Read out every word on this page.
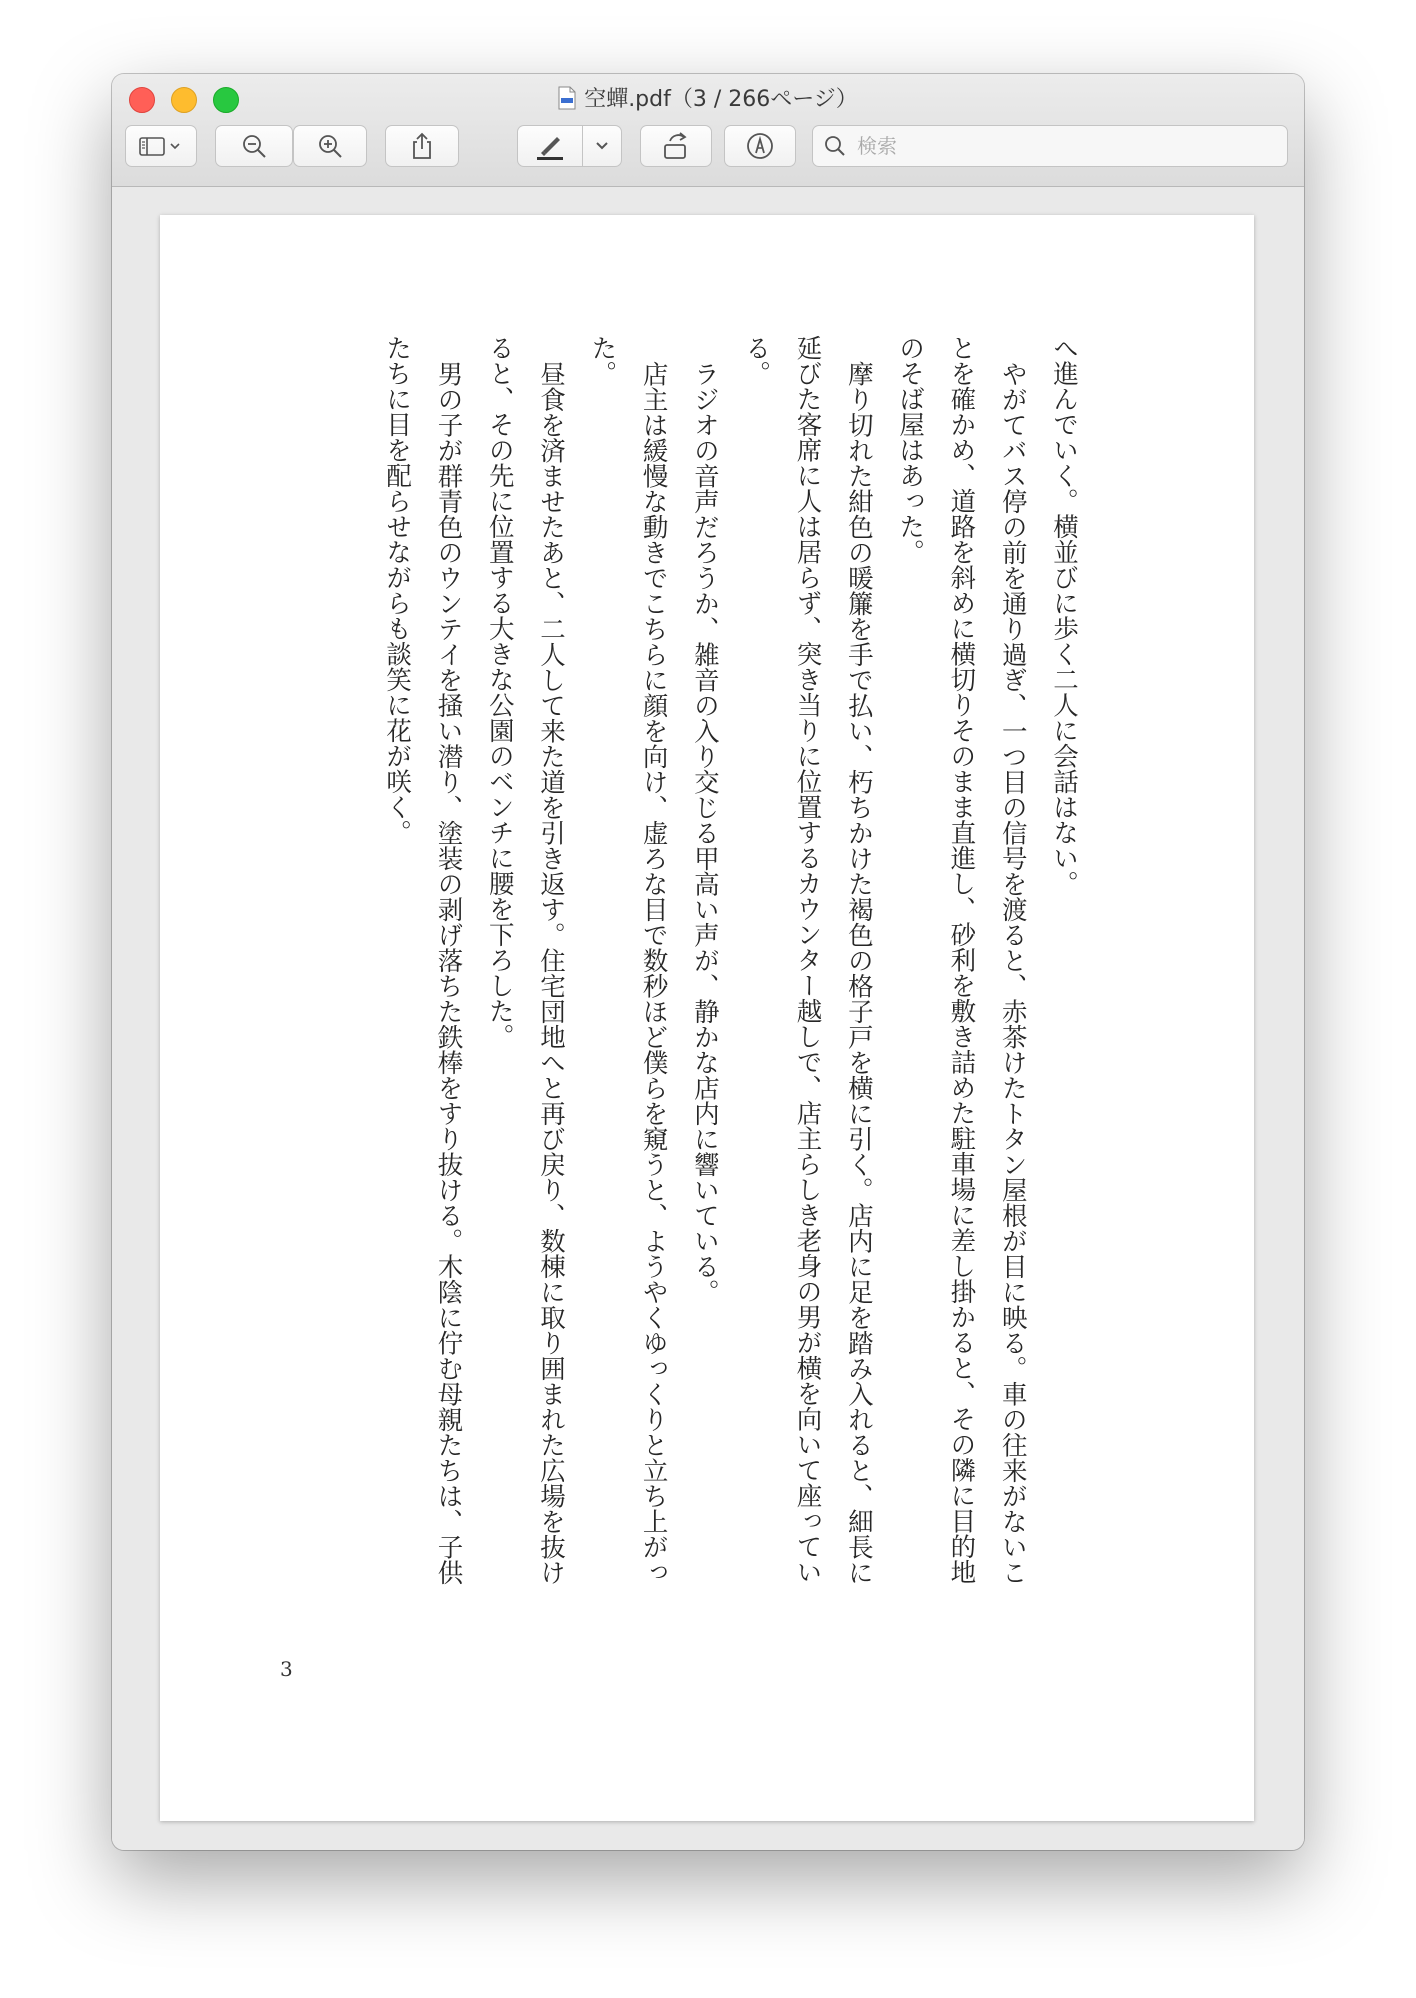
空蟬.pdf（3 / 266ページ）
検索
へ進んでいく。横並びに歩く二人に会話はない。
やがてバス停の前を通り過ぎ、一つ目の信号を渡ると、赤茶けたトタン屋根が目に映る。車の往来がないことを確かめ、道路を斜めに横切りそのまま直進し、砂利を敷き詰めた駐車場に差し掛かると、その隣に目的地のそば屋はあった。
摩り切れた紺色の暖簾を手で払い、朽ちかけた褐色の格子戸を横に引く。店内に足を踏み入れると、細長に延びた客席に人は居らず、突き当りに位置するカウンター越しで、店主らしき老身の男が横を向いて座っている。
ラジオの音声だろうか、雑音の入り交じる甲高い声が、静かな店内に響いている。
店主は緩慢な動きでこちらに顔を向け、虚ろな目で数秒ほど僕らを窺うと、ようやくゆっくりと立ち上がった。
昼食を済ませたあと、二人して来た道を引き返す。住宅団地へと再び戻り、数棟に取り囲まれた広場を抜けると、その先に位置する大きな公園のベンチに腰を下ろした。
男の子が群青色のウンテイを掻い潜り、塗装の剥げ落ちた鉄棒をすり抜ける。木陰に佇む母親たちは、子供たちに目を配らせながらも談笑に花が咲く。
3
